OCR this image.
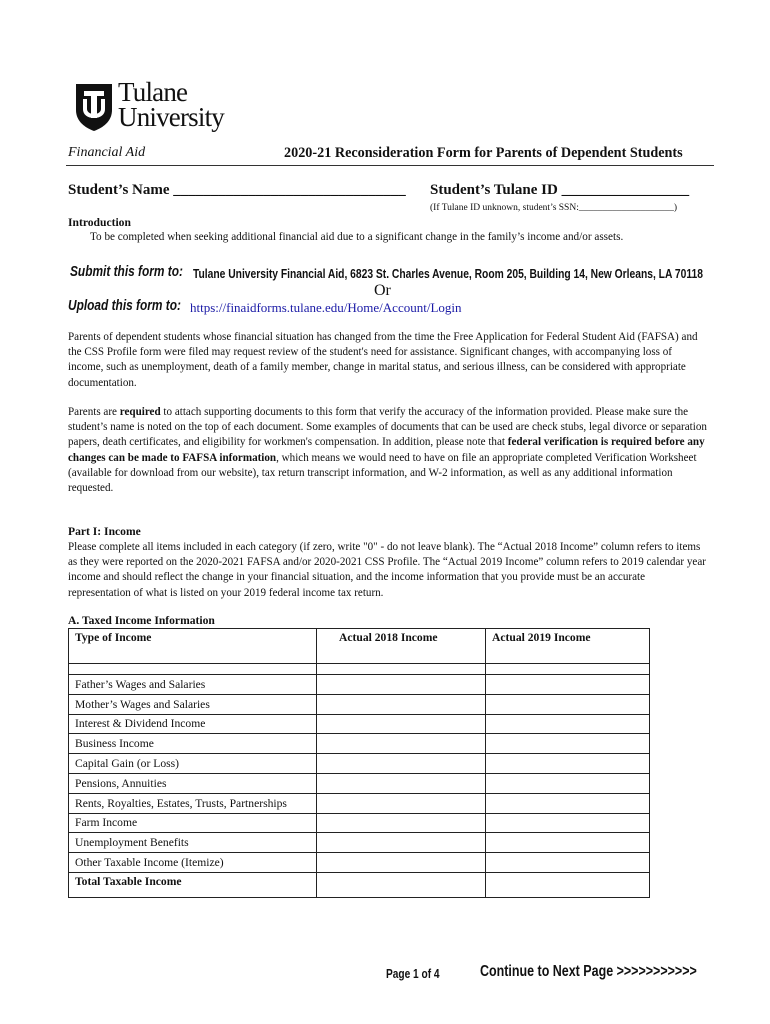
Tulane
University
Financial Aid	2020-21 Reconsideration Form for Parents of Dependent Students
Student’s Name _______________________________ Student’s Tulane ID _________________
(If Tulane ID unknown, student’s SSN:____________________)
Introduction
To be completed when seeking additional financial aid due to a significant change in the family’s income and/or assets.
Submit this form to: Tulane University Financial Aid, 6823 St. Charles Avenue, Room 205, Building 14, New Orleans, LA 70118
Or
Upload this form to: https://finaidforms.tulane.edu/Home/Account/Login
Parents of dependent students whose financial situation has changed from the time the Free Application for Federal Student Aid (FAFSA) and the CSS Profile form were filed may request review of the student's need for assistance. Significant changes, with accompanying loss of income, such as unemployment, death of a family member, change in marital status, and serious illness, can be considered with appropriate documentation.
Parents are required to attach supporting documents to this form that verify the accuracy of the information provided. Please make sure the student’s name is noted on the top of each document. Some examples of documents that can be used are check stubs, legal divorce or separation papers, death certificates, and eligibility for workmen's compensation. In addition, please note that federal verification is required before any changes can be made to FAFSA information, which means we would need to have on file an appropriate completed Verification Worksheet (available for download from our website), tax return transcript information, and W-2 information, as well as any additional information requested.
Part I: Income
Please complete all items included in each category (if zero, write "0" - do not leave blank). The “Actual 2018 Income” column refers to items as they were reported on the 2020-2021 FAFSA and/or 2020-2021 CSS Profile. The “Actual 2019 Income” column refers to 2019 calendar year income and should reflect the change in your financial situation, and the income information that you provide must be an accurate representation of what is listed on your 2019 federal income tax return.
A. Taxed Income Information
Type of Income	Actual 2018 Income	Actual 2019 Income

Father’s Wages and Salaries		
Mother’s Wages and Salaries		
Interest & Dividend Income		
Business Income		
Capital Gain (or Loss)		
Pensions, Annuities		
Rents, Royalties, Estates, Trusts, Partnerships		
Farm Income		
Unemployment Benefits		
Other Taxable Income (Itemize)		
Total Taxable Income		
Page 1 of 4	Continue to Next Page >>>>>>>>>>>
